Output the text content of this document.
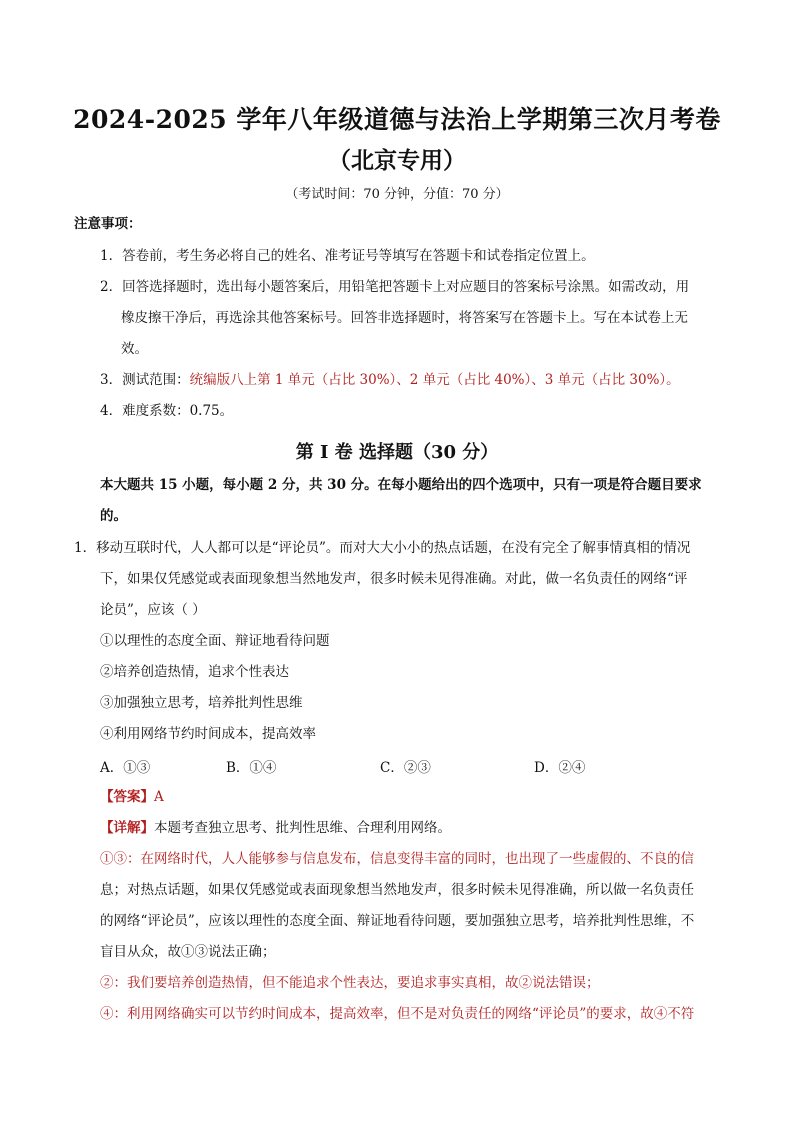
2024-2025 学年八年级道德与法治上学期第三次月考卷
（北京专用）
（考试时间：70 分钟，分值：70 分）
注意事项：
1．答卷前，考生务必将自己的姓名、准考证号等填写在答题卡和试卷指定位置上。
2．回答选择题时，选出每小题答案后，用铅笔把答题卡上对应题目的答案标号涂黑。如需改动，用
橡皮擦干净后，再选涂其他答案标号。回答非选择题时，将答案写在答题卡上。写在本试卷上无
效。
3．测试范围：统编版八上第 1 单元（占比 30%）、2 单元（占比 40%）、3 单元（占比 30%）。
4．难度系数：0.75。
第 I 卷 选择题（30 分）
本大题共 15 小题，每小题 2 分，共 30 分。在每小题给出的四个选项中，只有一项是符合题目要求
的。
1．移动互联时代，人人都可以是“评论员”。而对大大小小的热点话题，在没有完全了解事情真相的情况
下，如果仅凭感觉或表面现象想当然地发声，很多时候未见得准确。对此，做一名负责任的网络“评
论员”，应该（ ）
①以理性的态度全面、辩证地看待问题
②培养创造热情，追求个性表达
③加强独立思考，培养批判性思维
④利用网络节约时间成本，提高效率
A．①③	B．①④	C．②③	D．②④
【答案】A
【详解】本题考查独立思考、批判性思维、合理利用网络。
①③：在网络时代，人人能够参与信息发布，信息变得丰富的同时，也出现了一些虚假的、不良的信
息；对热点话题，如果仅凭感觉或表面现象想当然地发声，很多时候未见得准确，所以做一名负责任
的网络“评论员”，应该以理性的态度全面、辩证地看待问题，要加强独立思考，培养批判性思维，不
盲目从众，故①③说法正确；
②：我们要培养创造热情，但不能追求个性表达，要追求事实真相，故②说法错误；
④：利用网络确实可以节约时间成本，提高效率，但不是对负责任的网络“评论员”的要求，故④不符
